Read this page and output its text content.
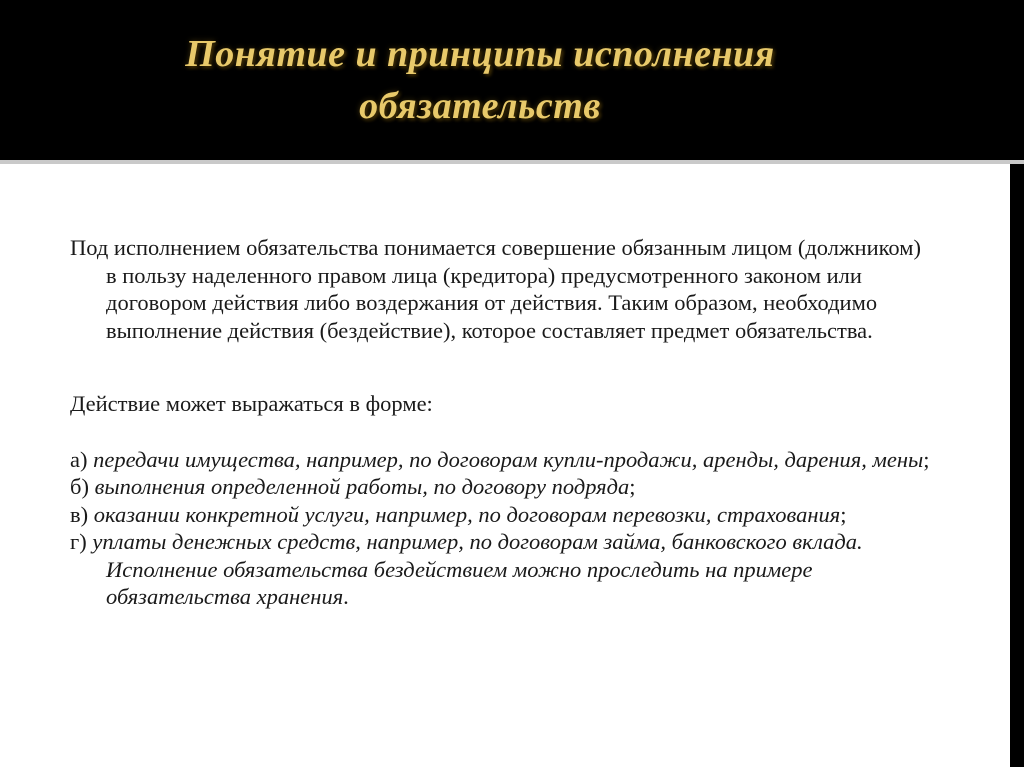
Понятие и принципы исполнения обязательств

Под исполнением обязательства понимается совершение обязанным лицом (должником) в пользу наделенного правом лица (кредитора) предусмотренного законом или договором действия либо воздержания от действия. Таким образом, необходимо выполнение действия (бездействие), которое составляет предмет обязательства.

Действие может выражаться в форме:

а) передачи имущества, например, по договорам купли-продажи, аренды, дарения, мены;

б) выполнения определенной работы, по договору подряда;

в) оказании конкретной услуги, например, по договорам перевозки, страхования;

г) уплаты денежных средств, например, по договорам займа, банковского вклада. Исполнение обязательства бездействием можно проследить на примере обязательства хранения.
